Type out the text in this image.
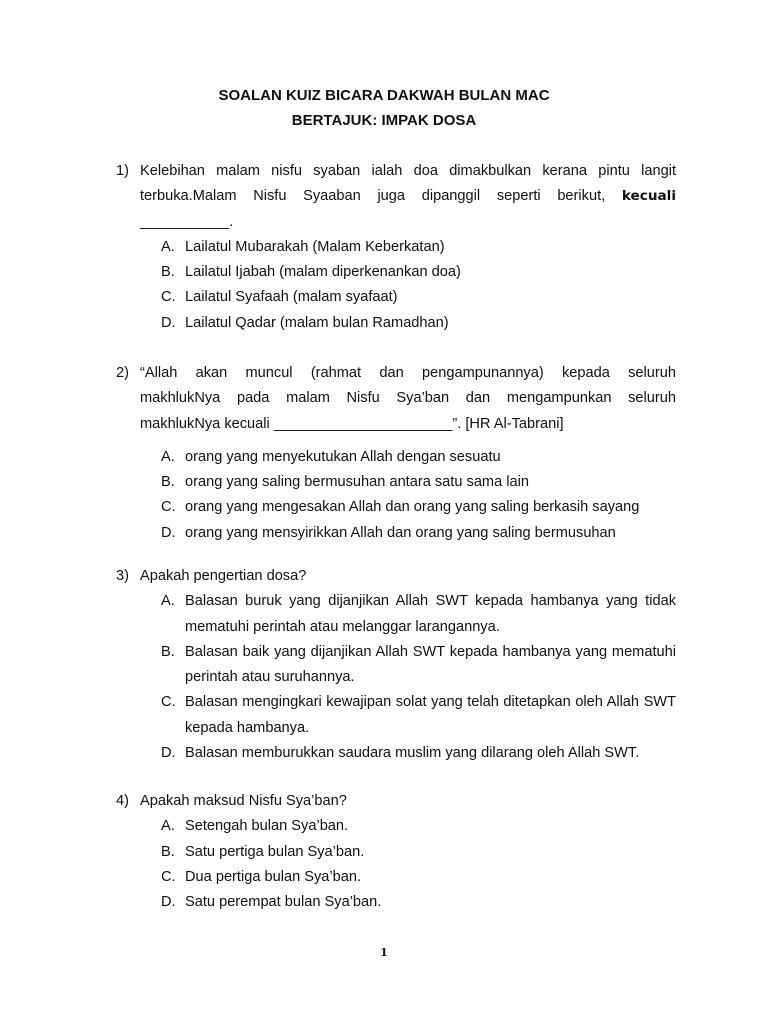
SOALAN KUIZ BICARA DAKWAH BULAN MAC
BERTAJUK: IMPAK DOSA
1) Kelebihan malam nisfu syaban ialah doa dimakbulkan kerana pintu langit
terbuka.Malam Nisfu Syaaban juga dipanggil seperti berikut, kecuali
___________.
A. Lailatul Mubarakah (Malam Keberkatan)
B. Lailatul Ijabah (malam diperkenankan doa)
C. Lailatul Syafaah (malam syafaat)
D. Lailatul Qadar (malam bulan Ramadhan)
2) “Allah akan muncul (rahmat dan pengampunannya) kepada seluruh
makhlukNya pada malam Nisfu Sya’ban dan mengampunkan seluruh
makhlukNya kecuali ______________________”. [HR Al-Tabrani]
A. orang yang menyekutukan Allah dengan sesuatu
B. orang yang saling bermusuhan antara satu sama lain
C. orang yang mengesakan Allah dan orang yang saling berkasih sayang
D. orang yang mensyirikkan Allah dan orang yang saling bermusuhan
3) Apakah pengertian dosa?
A. Balasan buruk yang dijanjikan Allah SWT kepada hambanya yang tidak mematuhi perintah atau melanggar larangannya.
B. Balasan baik yang dijanjikan Allah SWT kepada hambanya yang mematuhi perintah atau suruhannya.
C. Balasan mengingkari kewajipan solat yang telah ditetapkan oleh Allah SWT kepada hambanya.
D. Balasan memburukkan saudara muslim yang dilarang oleh Allah SWT.
4) Apakah maksud Nisfu Sya’ban?
A. Setengah bulan Sya’ban.
B. Satu pertiga bulan Sya’ban.
C. Dua pertiga bulan Sya’ban.
D. Satu perempat bulan Sya’ban.
1
